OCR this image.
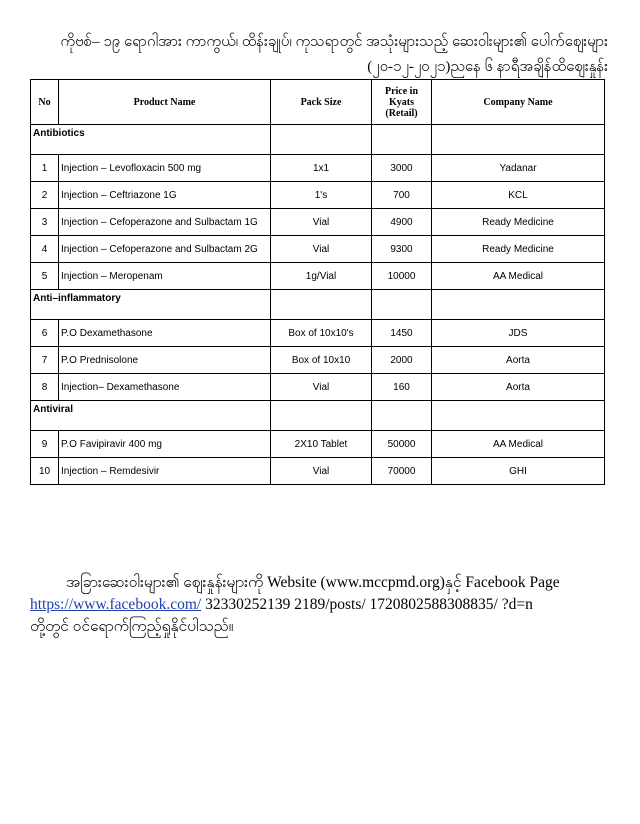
ကိုဗစ်– ၁၉ ရောဂါအား ကာကွယ်၊ ထိန်းချုပ်၊ ကုသရာတွင် အသုံးများသည့် ဆေးဝါးများ၏ ပေါက်ဈေးများ
(၂၀-၁၂-၂၀၂၁)ညနေ ၆ နာရီအချိန်ထိဈေးနှုန်း
No	Product Name	Pack Size	Price in Kyats (Retail)	Company Name
Antibiotics				
1	Injection – Levofloxacin 500 mg	1x1	3000	Yadanar
2	Injection – Ceftriazone 1G	1's	700	KCL
3	Injection – Cefoperazone and Sulbactam 1G	Vial	4900	Ready Medicine
4	Injection – Cefoperazone and Sulbactam 2G	Vial	9300	Ready Medicine
5	Injection – Meropenam	1g/Vial	10000	AA Medical
Anti–inflammatory				
6	P.O Dexamethasone	Box of 10x10's	1450	JDS
7	P.O Prednisolone	Box of 10x10	2000	Aorta
8	Injection– Dexamethasone	Vial	160	Aorta
Antiviral				
9	P.O Favipiravir 400 mg	2X10 Tablet	50000	AA Medical
10	Injection – Remdesivir	Vial	70000	GHI

အခြားဆေးဝါးများ၏ ဈေးနှုန်းများကို Website (www.mccpmd.org)နှင့် Facebook Page

https://www.facebook.com/ 32330252139 2189/posts/ 1720802588308835/ ?d=n

တို့တွင် ဝင်ရောက်ကြည့်ရှုနိုင်ပါသည်။
